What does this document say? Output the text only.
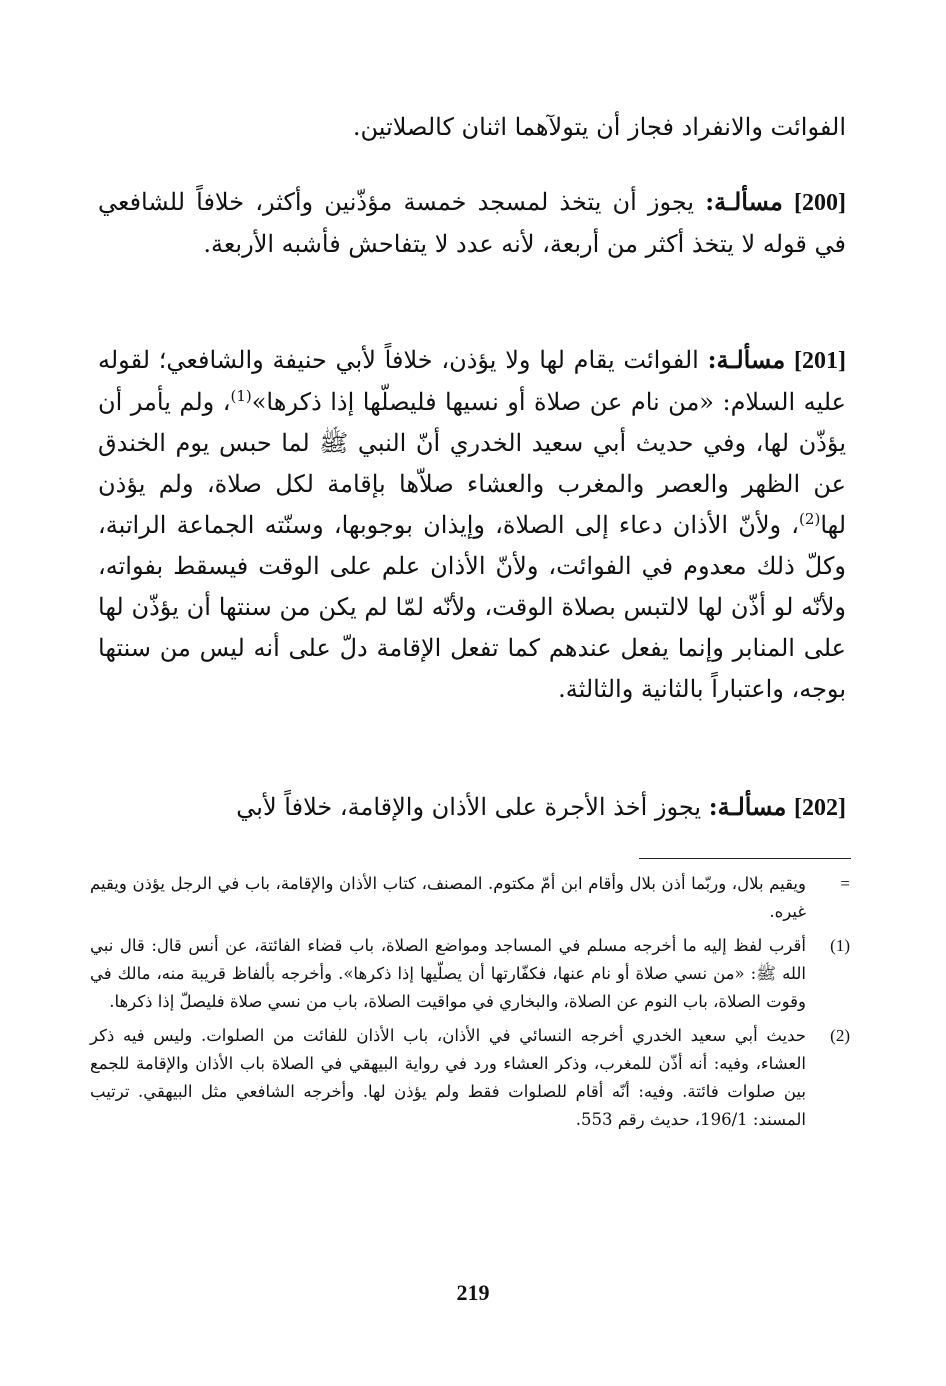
الفوائت والانفراد فجاز أن يتولآهما اثنان كالصلاتين.

[200] مسألـة: يجوز أن يتخذ لمسجد خمسة مؤذّنين وأكثر، خلافاً للشافعي في قوله لا يتخذ أكثر من أربعة، لأنه عدد لا يتفاحش فأشبه الأربعة.

[201] مسألـة: الفوائت يقام لها ولا يؤذن، خلافاً لأبي حنيفة والشافعي؛ لقوله عليه السلام: «من نام عن صلاة أو نسيها فليصلّها إذا ذكرها»$^{(1)}$، ولم يأمر أن يؤذّن لها، وفي حديث أبي سعيد الخدري أنّ النبي ﷺ لما حبس يوم الخندق عن الظهر والعصر والمغرب والعشاء صلاّها بإقامة لكل صلاة، ولم يؤذن لها$^{(2)}$، ولأنّ الأذان دعاء إلى الصلاة، وإيذان بوجوبها، وسنّته الجماعة الراتبة، وكلّ ذلك معدوم في الفوائت، ولأنّ الأذان علم على الوقت فيسقط بفواته، ولأنّه لو أذّن لها لالتبس بصلاة الوقت، ولأنّه لمّا لم يكن من سنتها أن يؤذّن لها على المنابر وإنما يفعل عندهم كما تفعل الإقامة دلّ على أنه ليس من سنتها بوجه، واعتباراً بالثانية والثالثة.

[202] مسألـة: يجوز أخذ الأجرة على الأذان والإقامة، خلافاً لأبي

=
ويقيم بلال، وربّما أذن بلال وأقام ابن أمّ مكتوم. المصنف، كتاب الأذان والإقامة، باب في الرجل يؤذن ويقيم غيره.
(1)
أقرب لفظ إليه ما أخرجه مسلم في المساجد ومواضع الصلاة، باب قضاء الفائتة، عن أنس قال: قال نبي الله ﷺ: «من نسي صلاة أو نام عنها، فكفّارتها أن يصلّيها إذا ذكرها». وأخرجه بألفاظ قريبة منه، مالك في وقوت الصلاة، باب النوم عن الصلاة، والبخاري في مواقيت الصلاة، باب من نسي صلاة فليصلّ إذا ذكرها.
(2)
حديث أبي سعيد الخدري أخرجه النسائي في الأذان، باب الأذان للفائت من الصلوات. وليس فيه ذكر العشاء، وفيه: أنه أذّن للمغرب، وذكر العشاء ورد في رواية البيهقي في الصلاة باب الأذان والإقامة للجمع بين صلوات فائتة. وفيه: أنّه أقام للصلوات فقط ولم يؤذن لها. وأخرجه الشافعي مثل البيهقي. ترتيب المسند: 196/1، حديث رقم 553.
219
